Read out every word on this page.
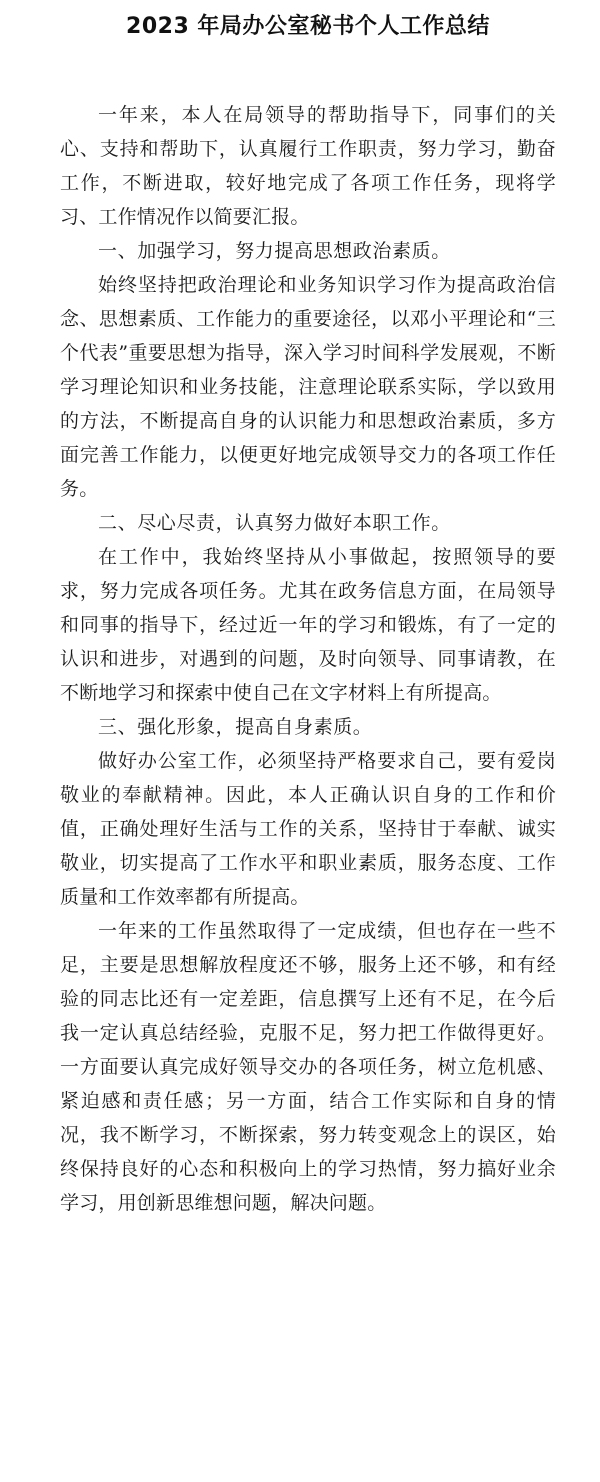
2023 年局办公室秘书个人工作总结

一年来，本人在局领导的帮助指导下，同事们的关心、支持和帮助下，认真履行工作职责，努力学习，勤奋工作，不断进取，较好地完成了各项工作任务，现将学习、工作情况作以简要汇报。

一、加强学习，努力提高思想政治素质。

始终坚持把政治理论和业务知识学习作为提高政治信念、思想素质、工作能力的重要途径，以邓小平理论和“三个代表”重要思想为指导，深入学习时间科学发展观，不断学习理论知识和业务技能，注意理论联系实际，学以致用的方法，不断提高自身的认识能力和思想政治素质，多方面完善工作能力，以便更好地完成领导交力的各项工作任务。

二、尽心尽责，认真努力做好本职工作。

在工作中，我始终坚持从小事做起，按照领导的要求，努力完成各项任务。尤其在政务信息方面，在局领导和同事的指导下，经过近一年的学习和锻炼，有了一定的认识和进步，对遇到的问题，及时向领导、同事请教，在不断地学习和探索中使自己在文字材料上有所提高。

三、强化形象，提高自身素质。

做好办公室工作，必须坚持严格要求自己，要有爱岗敬业的奉献精神。因此，本人正确认识自身的工作和价值，正确处理好生活与工作的关系，坚持甘于奉献、诚实敬业，切实提高了工作水平和职业素质，服务态度、工作质量和工作效率都有所提高。

一年来的工作虽然取得了一定成绩，但也存在一些不足，主要是思想解放程度还不够，服务上还不够，和有经验的同志比还有一定差距，信息撰写上还有不足，在今后我一定认真总结经验，克服不足，努力把工作做得更好。一方面要认真完成好领导交办的各项任务，树立危机感、紧迫感和责任感；另一方面，结合工作实际和自身的情况，我不断学习，不断探索，努力转变观念上的误区，始终保持良好的心态和积极向上的学习热情，努力搞好业余学习，用创新思维想问题，解决问题。
